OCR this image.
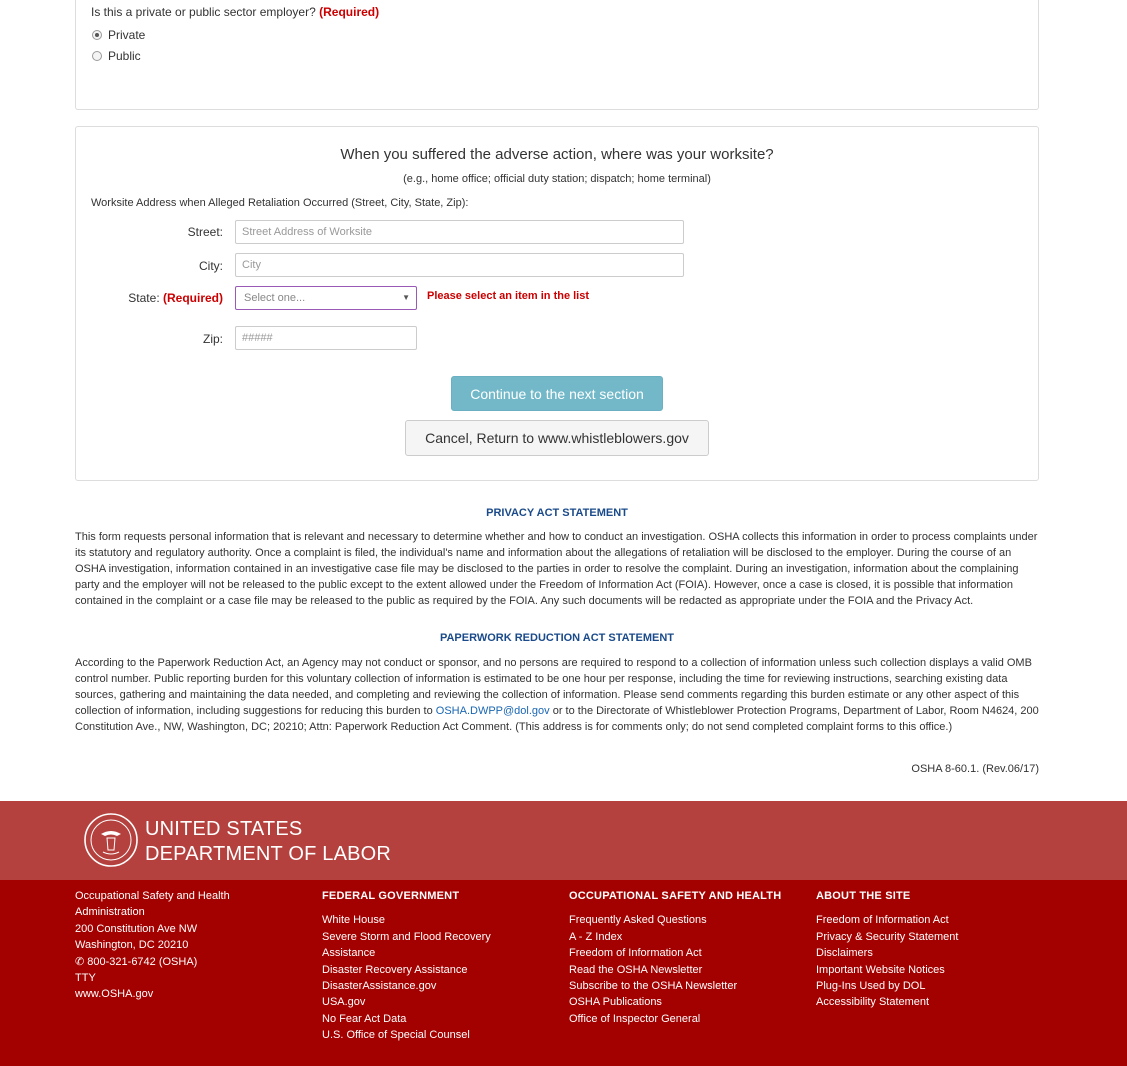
Is this a private or public sector employer? (Required)
Private
Public
When you suffered the adverse action, where was your worksite?
(e.g., home office; official duty station; dispatch; home terminal)
Worksite Address when Alleged Retaliation Occurred (Street, City, State, Zip):
Street:
Street Address of Worksite
City:
City
State: (Required)	Select one...	▼ Please select an item in the list
Zip:
#####
Continue to the next section
Cancel, Return to www.whistleblowers.gov
PRIVACY ACT STATEMENT
This form requests personal information that is relevant and necessary to determine whether and how to conduct an investigation. OSHA collects this information in order to process complaints under its statutory and regulatory authority. Once a complaint is filed, the individual's name and information about the allegations of retaliation will be disclosed to the employer. During the course of an OSHA investigation, information contained in an investigative case file may be disclosed to the parties in order to resolve the complaint. During an investigation, information about the complaining party and the employer will not be released to the public except to the extent allowed under the Freedom of Information Act (FOIA). However, once a case is closed, it is possible that information contained in the complaint or a case file may be released to the public as required by the FOIA. Any such documents will be redacted as appropriate under the FOIA and the Privacy Act.
PAPERWORK REDUCTION ACT STATEMENT
According to the Paperwork Reduction Act, an Agency may not conduct or sponsor, and no persons are required to respond to a collection of information unless such collection displays a valid OMB control number. Public reporting burden for this voluntary collection of information is estimated to be one hour per response, including the time for reviewing instructions, searching existing data sources, gathering and maintaining the data needed, and completing and reviewing the collection of information. Please send comments regarding this burden estimate or any other aspect of this collection of information, including suggestions for reducing this burden to OSHA.DWPP@dol.gov or to the Directorate of Whistleblower Protection Programs, Department of Labor, Room N4624, 200 Constitution Ave., NW, Washington, DC; 20210; Attn: Paperwork Reduction Act Comment. (This address is for comments only; do not send completed complaint forms to this office.)
OSHA 8-60.1. (Rev.06/17)
UNITED STATES
DEPARTMENT OF LABOR
Occupational Safety and Health
Administration
200 Constitution Ave NW
Washington, DC 20210
✆ 800-321-6742 (OSHA)
TTY
www.OSHA.gov
FEDERAL GOVERNMENT
White House
Severe Storm and Flood Recovery
Assistance
Disaster Recovery Assistance
DisasterAssistance.gov
USA.gov
No Fear Act Data
U.S. Office of Special Counsel
OCCUPATIONAL SAFETY AND HEALTH
Frequently Asked Questions
A - Z Index
Freedom of Information Act
Read the OSHA Newsletter
Subscribe to the OSHA Newsletter
OSHA Publications
Office of Inspector General
ABOUT THE SITE
Freedom of Information Act
Privacy & Security Statement
Disclaimers
Important Website Notices
Plug-Ins Used by DOL
Accessibility Statement
